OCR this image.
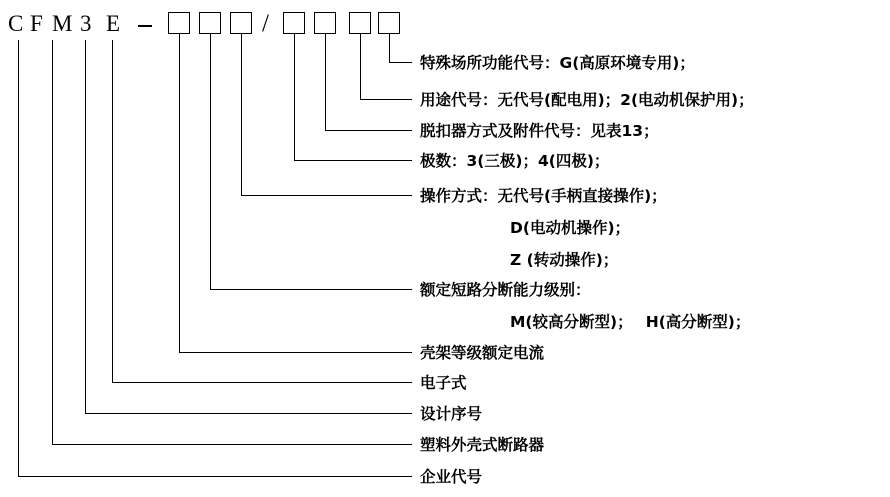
C F M 3 E	/
特殊场所功能代号：G(高原环境专用)；
用途代号：无代号(配电用)；2(电动机保护用)；
脱扣器方式及附件代号：见表13；
极数：3(三极)；4(四极)；
操作方式：无代号(手柄直接操作)；
D(电动机操作)；
Z (转动操作)；
额定短路分断能力级别：
M(较高分断型)；　 H(高分断型)；
壳架等级额定电流
电子式
设计序号
塑料外壳式断路器
企业代号
